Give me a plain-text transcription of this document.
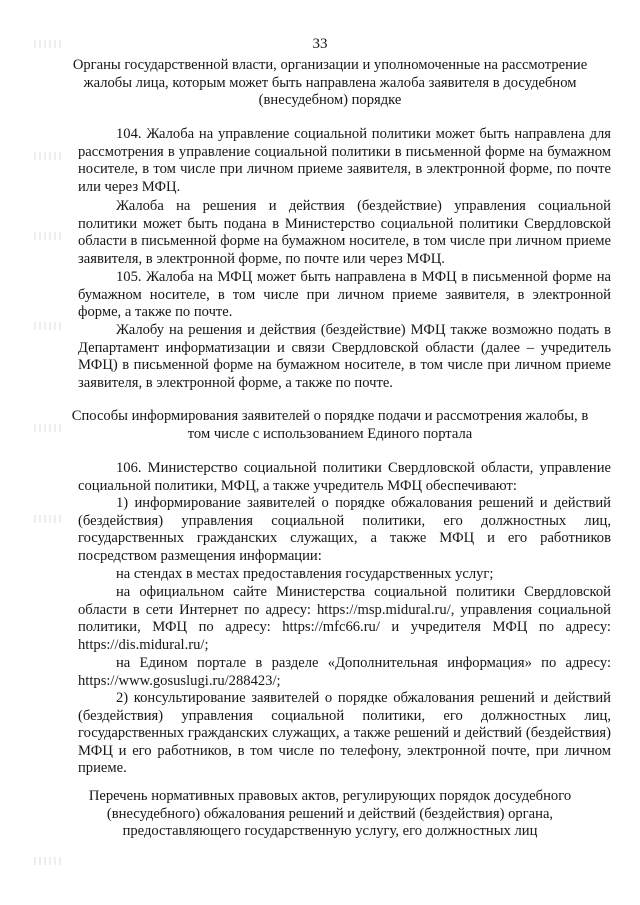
33
Органы государственной власти, организации и уполномоченные на рассмотрение жалобы лица, которым может быть направлена жалоба заявителя в досудебном (внесудебном) порядке
104. Жалоба на управление социальной политики может быть направлена для рассмотрения в управление социальной политики в письменной форме на бумажном носителе, в том числе при личном приеме заявителя, в электронной форме, по почте или через МФЦ.
Жалоба на решения и действия (бездействие) управления социальной политики может быть подана в Министерство социальной политики Свердловской области в письменной форме на бумажном носителе, в том числе при личном приеме заявителя, в электронной форме, по почте или через МФЦ.
105. Жалоба на МФЦ может быть направлена в МФЦ в письменной форме на бумажном носителе, в том числе при личном приеме заявителя, в электронной форме, а также по почте.
Жалобу на решения и действия (бездействие) МФЦ также возможно подать в Департамент информатизации и связи Свердловской области (далее – учредитель МФЦ) в письменной форме на бумажном носителе, в том числе при личном приеме заявителя, в электронной форме, а также по почте.
Способы информирования заявителей о порядке подачи и рассмотрения жалобы, в том числе с использованием Единого портала
106. Министерство социальной политики Свердловской области, управление социальной политики, МФЦ, а также учредитель МФЦ обеспечивают:
1) информирование заявителей о порядке обжалования решений и действий (бездействия) управления социальной политики, его должностных лиц, государственных гражданских служащих, а также МФЦ и его работников посредством размещения информации:
на стендах в местах предоставления государственных услуг;
на официальном сайте Министерства социальной политики Свердловской области в сети Интернет по адресу: https://msp.midural.ru/, управления социальной политики, МФЦ по адресу: https://mfc66.ru/ и учредителя МФЦ по адресу: https://dis.midural.ru/;
на Едином портале в разделе «Дополнительная информация» по адресу: https://www.gosuslugi.ru/288423/;
2) консультирование заявителей о порядке обжалования решений и действий (бездействия) управления социальной политики, его должностных лиц, государственных гражданских служащих, а также решений и действий (бездействия) МФЦ и его работников, в том числе по телефону, электронной почте, при личном приеме.
Перечень нормативных правовых актов, регулирующих порядок досудебного (внесудебного) обжалования решений и действий (бездействия) органа, предоставляющего государственную услугу, его должностных лиц
